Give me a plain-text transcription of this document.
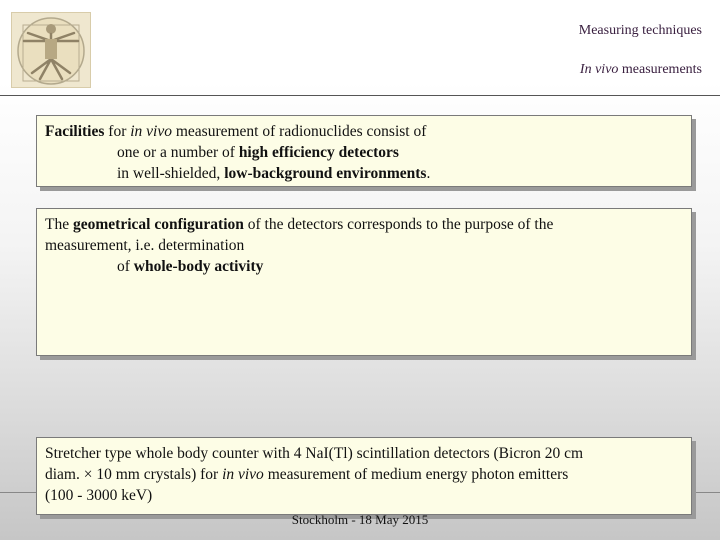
Measuring techniques
In vivo measurements
Facilities for in vivo measurement of radionuclides consist of
one or a number of high efficiency detectors
in well-shielded, low-background environments.
The geometrical configuration of the detectors corresponds to the purpose of the
measurement, i.e. determination
of whole-body activity
Stretcher type whole body counter with 4 NaI(Tl) scintillation detectors (Bicron 20 cm
diam. × 10 mm crystals) for in vivo measurement of medium energy photon emitters
(100 - 3000 keV)
Stockholm - 18 May 2015
